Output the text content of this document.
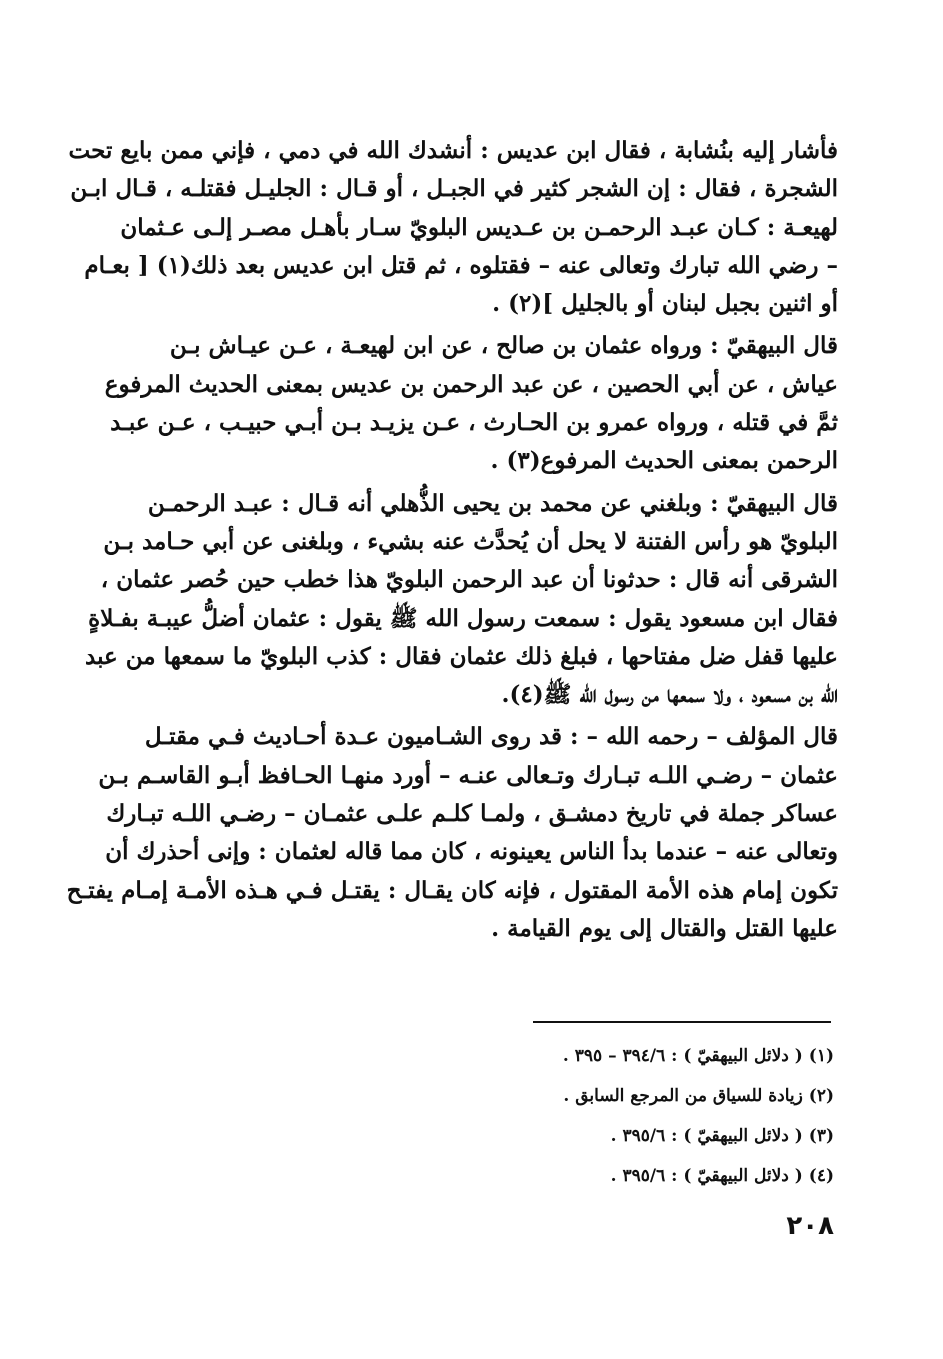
فأشار إليه بنُشابة ، فقال ابن عديس : أنشدك الله في دمي ، فإني ممن بايع تحت
الشجرة ، فقال : إن الشجر كثير في الجبـل ، أو قـال : الجليـل فقتلـه ، قـال ابـن
لهيعـة : كـان عبـد الرحمـن بن عـديس البلويّ سـار بأهـل مصـر إلـى عـثمان
– رضي الله تبارك وتعالى عنه – فقتلوه ، ثم قتل ابن عديس بعد ذلك(١) [ بعـام
أو اثنين بجبل لبنان أو بالجليل ](٢) .

قال البيهقيّ : ورواه عثمان بن صالح ، عن ابن لهيعـة ، عـن عيـاش بـن
عياش ، عن أبي الحصين ، عن عبد الرحمن بن عديس بمعنى الحديث المرفوع
ثمَّ في قتله ، ورواه عمرو بن الحـارث ، عـن يزيـد بـن أبـي حبيـب ، عـن عبـد
الرحمن بمعنى الحديث المرفوع(٣) .

قال البيهقيّ : وبلغني عن محمد بن يحيى الذُّهلي أنه قـال : عبـد الرحمـن
البلويّ هو رأس الفتنة لا يحل أن يُحدَّث عنه بشيء ، وبلغنى عن أبي حـامد بـن
الشرقى أنه قال : حدثونا أن عبد الرحمن البلويّ هذا خطب حين حُصر عثمان ،
فقال ابن مسعود يقول : سمعت رسول الله ﷺ يقول : عثمان أضلُّ عيبـة بفـلاةٍ
عليها قفل ضل مفتاحها ، فبلغ ذلك عثمان فقال : كذب البلويّ ما سمعها من عبد
الله بن مسعود ، ولا سمعها من رسول الله ﷺ(٤).

قال المؤلف – رحمه الله – : قد روى الشـاميون عـدة أحـاديث فـي مقتـل
عثمان – رضـي اللـه تبـارك وتـعالى عنـه – أورد منهـا الحـافظ أبـو القاسـم بـن
عساكر جملة في تاريخ دمشـق ، ولمـا كلـم علـى عثمـان – رضـي اللـه تبـارك
وتعالى عنه – عندما بدأ الناس يعينونه ، كان مما قاله لعثمان : وإنى أحذرك أن
تكون إمام هذه الأمة المقتول ، فإنه كان يقـال : يقتـل فـي هـذه الأمـة إمـام يفتـح
عليها القتل والقتال إلى يوم القيامة .

(١) ( دلائل البيهقيّ ) : ٣٩٤/٦ – ٣٩٥ .
(٢) زيادة للسياق من المرجع السابق .
(٣) ( دلائل البيهقيّ ) : ٣٩٥/٦ .
(٤) ( دلائل البيهقيّ ) : ٣٩٥/٦ .
٢٠٨
